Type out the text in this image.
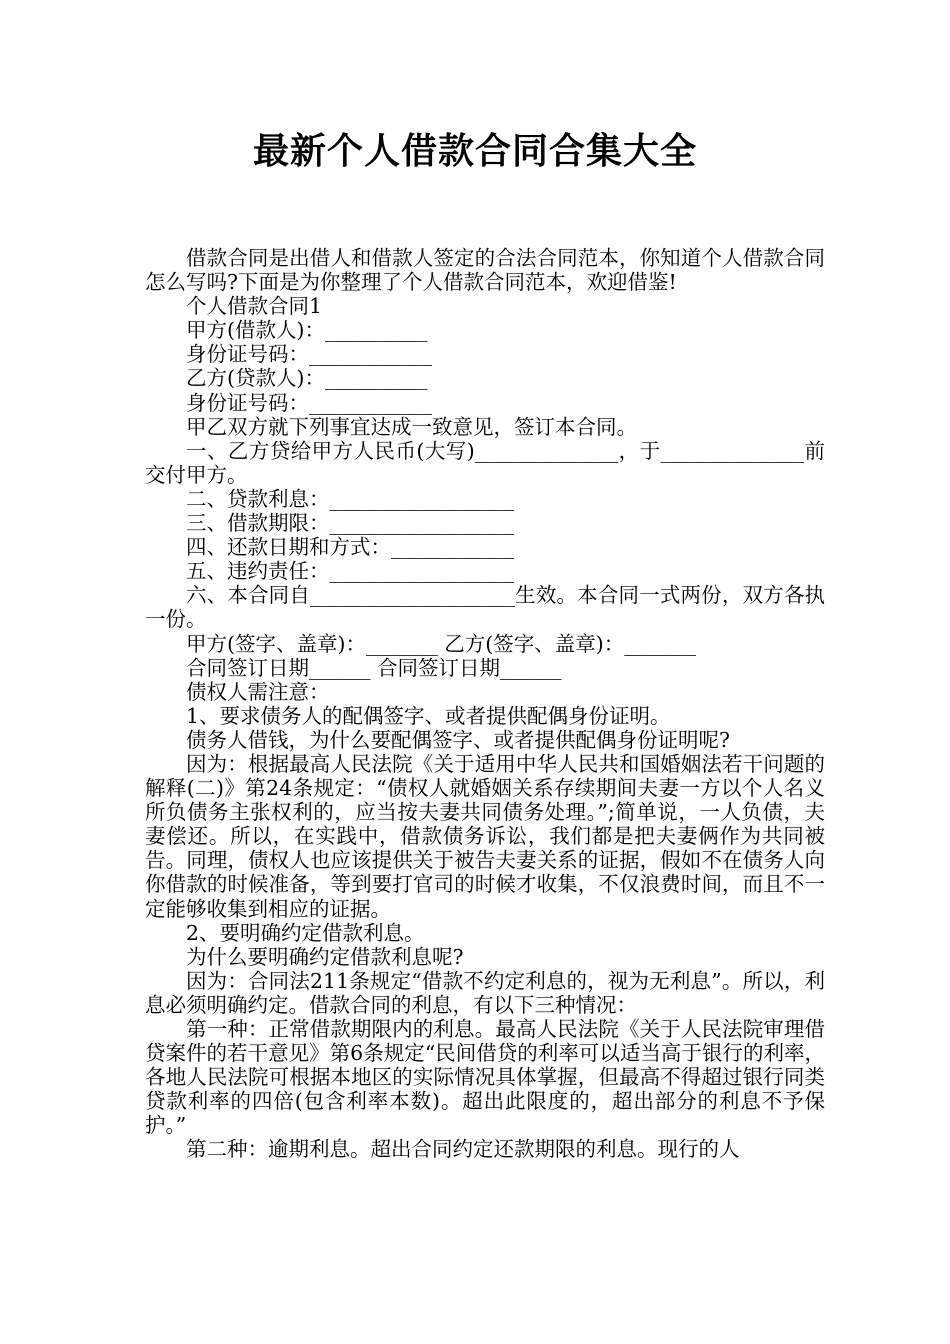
最新个人借款合同合集大全

借款合同是出借人和借款人签定的合法合同范本，你知道个人借款合同怎么写吗?下面是为你整理了个人借款合同范本，欢迎借鉴!

个人借款合同1

甲方(借款人)：__________

身份证号码：____________

乙方(贷款人)：__________

身份证号码：____________

甲乙双方就下列事宜达成一致意见，签订本合同。

一、乙方贷给甲方人民币(大写)______________，于______________前交付甲方。

二、贷款利息：__________________

三、借款期限：__________________

四、还款日期和方式：____________

五、违约责任：__________________

六、本合同自____________________生效。本合同一式两份，双方各执一份。

甲方(签字、盖章)：_______ 乙方(签字、盖章)：_______

合同签订日期______ 合同签订日期______

债权人需注意：

1、要求债务人的配偶签字、或者提供配偶身份证明。

债务人借钱，为什么要配偶签字、或者提供配偶身份证明呢?

因为：根据最高人民法院《关于适用中华人民共和国婚姻法若干问题的解释(二)》第24条规定：“债权人就婚姻关系存续期间夫妻一方以个人名义所负债务主张权利的，应当按夫妻共同债务处理。”;简单说，一人负债，夫妻偿还。所以，在实践中，借款债务诉讼，我们都是把夫妻俩作为共同被告。同理，债权人也应该提供关于被告夫妻关系的证据，假如不在债务人向你借款的时候准备，等到要打官司的时候才收集，不仅浪费时间，而且不一定能够收集到相应的证据。

2、要明确约定借款利息。

为什么要明确约定借款利息呢?

因为：合同法211条规定“借款不约定利息的，视为无利息”。所以，利息必须明确约定。借款合同的利息，有以下三种情况：

第一种：正常借款期限内的利息。最高人民法院《关于人民法院审理借贷案件的若干意见》第6条规定“民间借贷的利率可以适当高于银行的利率，各地人民法院可根据本地区的实际情况具体掌握，但最高不得超过银行同类贷款利率的四倍(包含利率本数)。超出此限度的，超出部分的利息不予保护。”

第二种：逾期利息。超出合同约定还款期限的利息。现行的人
